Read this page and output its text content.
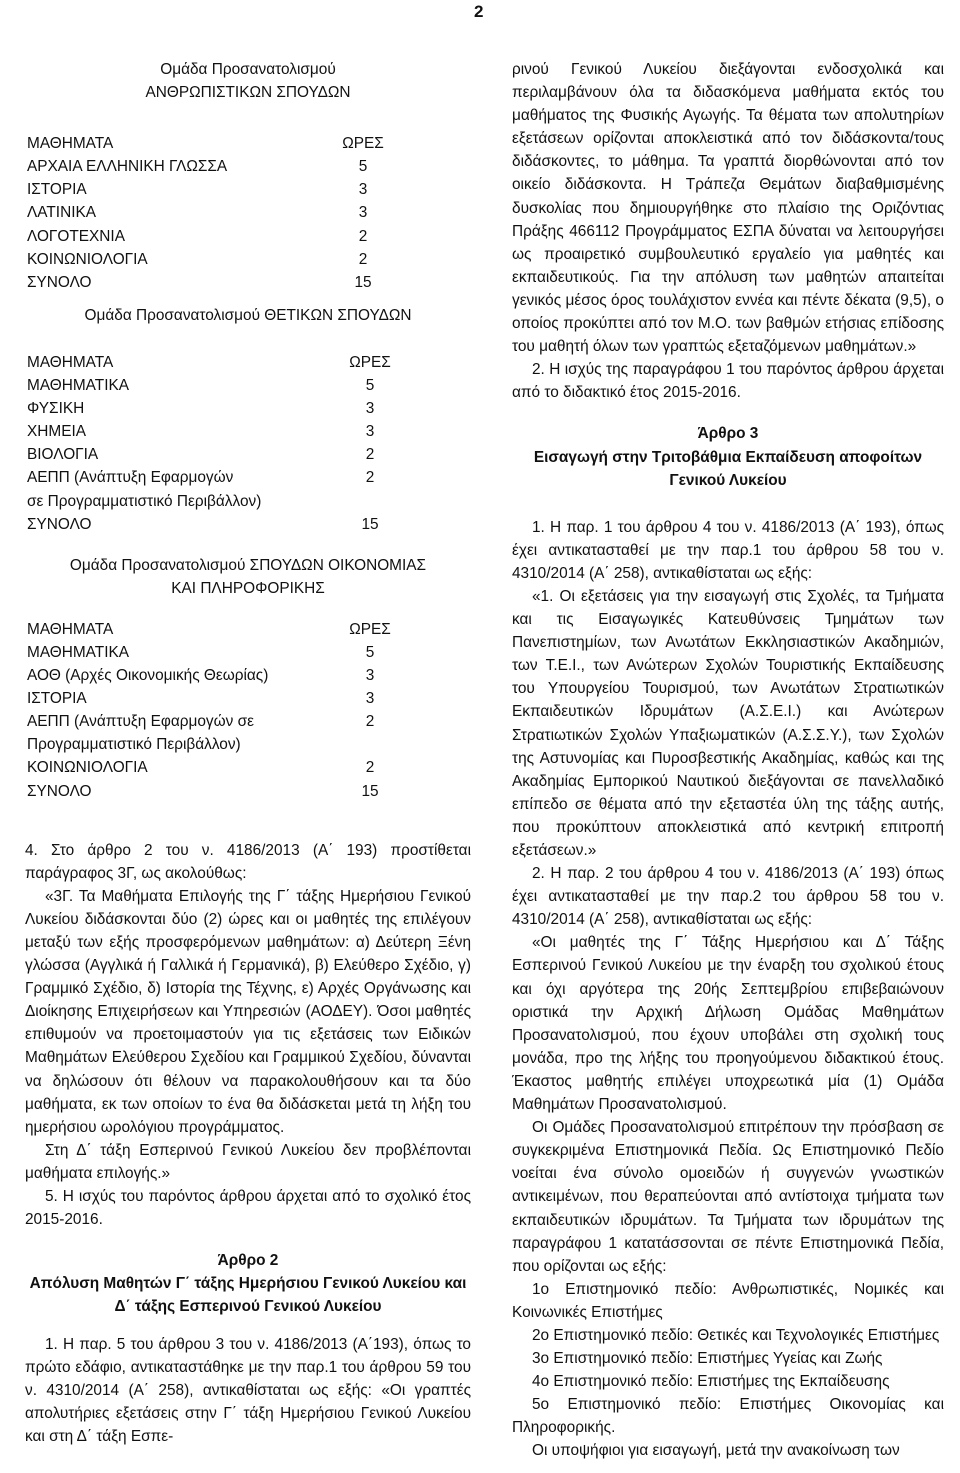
2
Ομάδα Προσανατολισμού
ΑΝΘΡΩΠΙΣΤΙΚΩΝ ΣΠΟΥΔΩΝ
ΜΑΘΗΜΑΤΑ	ΩΡΕΣ
ΑΡΧΑΙΑ ΕΛΛΗΝΙΚΗ ΓΛΩΣΣΑ	5
ΙΣΤΟΡΙΑ	3
ΛΑΤΙΝΙΚΑ	3
ΛΟΓΟΤΕΧΝΙΑ	2
ΚΟΙΝΩΝΙΟΛΟΓΙΑ	2
ΣΥΝΟΛΟ	15
Ομάδα Προσανατολισμού ΘΕΤΙΚΩΝ ΣΠΟΥΔΩΝ
ΜΑΘΗΜΑΤΑ	ΩΡΕΣ
ΜΑΘΗΜΑΤΙΚΑ	5
ΦΥΣΙΚΗ	3
ΧΗΜΕΙΑ	3
ΒΙΟΛΟΓΙΑ	2

ΑΕΠΠ (Ανάπτυξη Εφαρμογών
σε Προγραμματιστικό Περιβάλλον)	2
ΣΥΝΟΛΟ	15
Ομάδα Προσανατολισμού ΣΠΟΥΔΩΝ ΟΙΚΟΝΟΜΙΑΣ
ΚΑΙ ΠΛΗΡΟΦΟΡΙΚΗΣ
ΜΑΘΗΜΑΤΑ	ΩΡΕΣ
ΜΑΘΗΜΑΤΙΚΑ	5
ΑΟΘ (Αρχές Οικονομικής Θεωρίας)	3
ΙΣΤΟΡΙΑ	3

ΑΕΠΠ (Ανάπτυξη Εφαρμογών σε
Προγραμματιστικό Περιβάλλον)	2
ΚΟΙΝΩΝΙΟΛΟΓΙΑ	2
ΣΥΝΟΛΟ	15

4. Στο άρθρο 2 του ν. 4186/2013 (Α΄ 193) προστίθεται παράγραφος 3Γ, ως ακολούθως:

«3Γ. Τα Μαθήματα Επιλογής της Γ΄ τάξης Ημερήσιου Γενικού Λυκείου διδάσκονται δύο (2) ώρες και οι μαθητές της επιλέγουν μεταξύ των εξής προσφερόμενων μαθημάτων: α) Δεύτερη Ξένη γλώσσα (Αγγλικά ή Γαλλικά ή Γερμανικά), β) Ελεύθερο Σχέδιο, γ) Γραμμικό Σχέδιο, δ) Ιστορία της Τέχνης, ε) Αρχές Οργάνωσης και Διοίκησης Επιχειρήσεων και Υπηρεσιών (ΑΟΔΕΥ). Όσοι μαθητές επιθυμούν να προετοιμαστούν για τις εξετάσεις των Ειδικών Μαθημάτων Ελεύθερου Σχεδίου και Γραμμικού Σχεδίου, δύνανται να δηλώσουν ότι θέλουν να παρακολουθήσουν και τα δύο μαθήματα, εκ των οποίων το ένα θα διδάσκεται μετά τη λήξη του ημερήσιου ωρολόγιου προγράμματος.

Στη Δ΄ τάξη Εσπερινού Γενικού Λυκείου δεν προβλέπονται μαθήματα επιλογής.»

5. Η ισχύς του παρόντος άρθρου άρχεται από το σχολικό έτος 2015-2016.

Άρθρο 2
Απόλυση Μαθητών Γ΄ τάξης Ημερήσιου Γενικού Λυκείου και Δ΄ τάξης Εσπερινού Γενικού Λυκείου

1. Η παρ. 5 του άρθρου 3 του ν. 4186/2013 (Α΄193), όπως το πρώτο εδάφιο, αντικαταστάθηκε με την παρ.1 του άρθρου 59 του ν. 4310/2014 (Α΄ 258), αντικαθίσταται ως εξής: «Οι γραπτές απολυτήριες εξετάσεις στην Γ΄ τάξη Ημερήσιου Γενικού Λυκείου και στη Δ΄ τάξη Εσπε-

ρινού Γενικού Λυκείου διεξάγονται ενδοσχολικά και περιλαμβάνουν όλα τα διδασκόμενα μαθήματα εκτός του μαθήματος της Φυσικής Αγωγής. Τα θέματα των απολυτηρίων εξετάσεων ορίζονται αποκλειστικά από τον διδάσκοντα/τους διδάσκοντες, το μάθημα. Τα γραπτά διορθώνονται από τον οικείο διδάσκοντα. Η Τράπεζα Θεμάτων διαβαθμισμένης δυσκολίας που δημιουργήθηκε στο πλαίσιο της Οριζόντιας Πράξης 466112 Προγράμματος ΕΣΠΑ δύναται να λειτουργήσει ως προαιρετικό συμβουλευτικό εργαλείο για μαθητές και εκπαιδευτικούς. Για την απόλυση των μαθητών απαιτείται γενικός μέσος όρος τουλάχιστον εννέα και πέντε δέκατα (9,5), ο οποίος προκύπτει από τον Μ.Ο. των βαθμών ετήσιας επίδοσης του μαθητή όλων των γραπτώς εξεταζόμενων μαθημάτων.»

2. Η ισχύς της παραγράφου 1 του παρόντος άρθρου άρχεται από το διδακτικό έτος 2015-2016.

Άρθρο 3
Εισαγωγή στην Τριτοβάθμια Εκπαίδευση αποφοίτων
Γενικού Λυκείου

1. Η παρ. 1 του άρθρου 4 του ν. 4186/2013 (Α΄ 193), όπως έχει αντικατασταθεί με την παρ.1 του άρθρου 58 του ν. 4310/2014 (Α΄ 258), αντικαθίσταται ως εξής:

«1. Οι εξετάσεις για την εισαγωγή στις Σχολές, τα Τμήματα και τις Εισαγωγικές Κατευθύνσεις Τμημάτων των Πανεπιστημίων, των Ανωτάτων Εκκλησιαστικών Ακαδημιών, των Τ.Ε.Ι., των Ανώτερων Σχολών Τουριστικής Εκπαίδευσης του Υπουργείου Τουρισμού, των Ανωτάτων Στρατιωτικών Εκπαιδευτικών Ιδρυμάτων (Α.Σ.Ε.Ι.) και Ανώτερων Στρατιωτικών Σχολών Υπαξιωματικών (Α.Σ.Σ.Υ.), των Σχολών της Αστυνομίας και Πυροσβεστικής Ακαδημίας, καθώς και της Ακαδημίας Εμπορικού Ναυτικού διεξάγονται σε πανελλαδικό επίπεδο σε θέματα από την εξεταστέα ύλη της τάξης αυτής, που προκύπτουν αποκλειστικά από κεντρική επιτροπή εξετάσεων.»

2. Η παρ. 2 του άρθρου 4 του ν. 4186/2013 (Α΄ 193) όπως έχει αντικατασταθεί με την παρ.2 του άρθρου 58 του ν. 4310/2014 (Α΄ 258), αντικαθίσταται ως εξής:

«Οι μαθητές της Γ΄ Τάξης Ημερήσιου και Δ΄ Τάξης Εσπερινού Γενικού Λυκείου με την έναρξη του σχολικού έτους και όχι αργότερα της 20ής Σεπτεμβρίου επιβεβαιώνουν οριστικά την Αρχική Δήλωση Ομάδας Μαθημάτων Προσανατολισμού, που έχουν υποβάλει στη σχολική τους μονάδα, προ της λήξης του προηγούμενου διδακτικού έτους. Έκαστος μαθητής επιλέγει υποχρεωτικά μία (1) Ομάδα Μαθημάτων Προσανατολισμού.

Οι Ομάδες Προσανατολισμού επιτρέπουν την πρόσβαση σε συγκεκριμένα Επιστημονικά Πεδία. Ως Επιστημονικό Πεδίο νοείται ένα σύνολο ομοειδών ή συγγενών γνωστικών αντικειμένων, που θεραπεύονται από αντίστοιχα τμήματα των εκπαιδευτικών ιδρυμάτων. Τα Τμήματα των ιδρυμάτων της παραγράφου 1 κατατάσσονται σε πέντε Επιστημονικά Πεδία, που ορίζονται ως εξής:

1ο Επιστημονικό πεδίο: Ανθρωπιστικές, Νομικές και Κοινωνικές Επιστήμες

2ο Επιστημονικό πεδίο: Θετικές και Τεχνολογικές Επιστήμες

3ο Επιστημονικό πεδίο: Επιστήμες Υγείας και Ζωής

4ο Επιστημονικό πεδίο: Επιστήμες της Εκπαίδευσης

5ο Επιστημονικό πεδίο: Επιστήμες Οικονομίας και Πληροφορικής.

Οι υποψήφιοι για εισαγωγή, μετά την ανακοίνωση των
